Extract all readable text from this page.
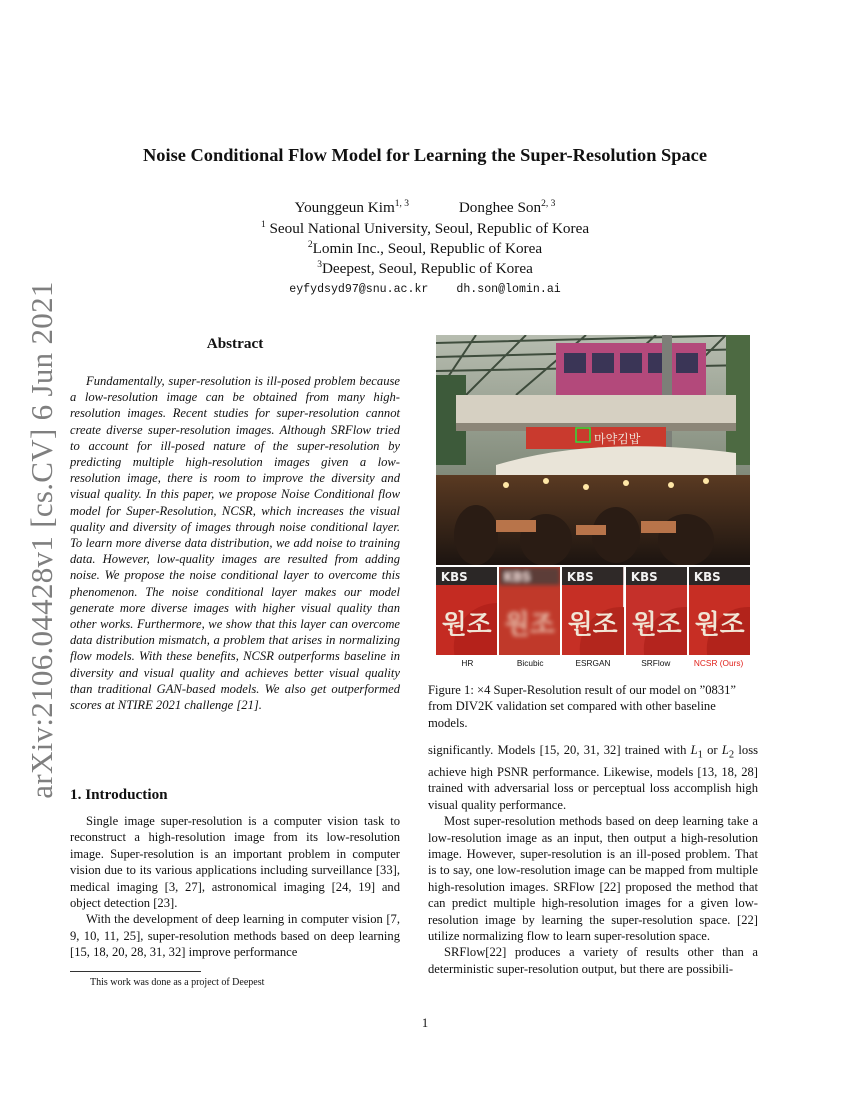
arXiv:2106.04428v1 [cs.CV] 6 Jun 2021
Noise Conditional Flow Model for Learning the Super-Resolution Space
Younggeun Kim$^{1, 3}$	Donghee Son$^{2, 3}$
$^1$ Seoul National University, Seoul, Republic of Korea
$^2$Lomin Inc., Seoul, Republic of Korea
$^3$Deepest, Seoul, Republic of Korea
eyfydsyd97@snu.ac.kr dh.son@lomin.ai
Abstract
Fundamentally, super-resolution is ill-posed problem because a low-resolution image can be obtained from many high-resolution images. Recent studies for super-resolution cannot create diverse super-resolution images. Although SRFlow tried to account for ill-posed nature of the super-resolution by predicting multiple high-resolution images given a low-resolution image, there is room to improve the diversity and visual quality. In this paper, we propose Noise Conditional flow model for Super-Resolution, NCSR, which increases the visual quality and diversity of images through noise conditional layer. To learn more diverse data distribution, we add noise to training data. However, low-quality images are resulted from adding noise. We propose the noise conditional layer to overcome this phenomenon. The noise conditional layer makes our model generate more diverse images with higher visual quality than other works. Furthermore, we show that this layer can overcome data distribution mismatch, a problem that arises in normalizing flow models. With these benefits, NCSR outperforms baseline in diversity and visual quality and achieves better visual quality than traditional GAN-based models. We also get outperformed scores at NTIRE 2021 challenge [21].
1. Introduction

Single image super-resolution is a computer vision task to reconstruct a high-resolution image from its low-resolution image. Super-resolution is an important problem in computer vision due to its various applications including surveillance [33], medical imaging [3, 27], astronomical imaging [24, 19] and object detection [23].

With the development of deep learning in computer vision [7, 9, 10, 11, 25], super-resolution methods based on deep learning [15, 18, 20, 28, 31, 32] improve performance

This work was done as a project of Deepest
마약김밥
KBS
원조
KBS
원조
KBS
원조
KBS
원조
KBS
원조
HR	Bicubic	ESRGAN	SRFlow	NCSR (Ours)
Figure 1: ×4 Super-Resolution result of our model on ”0831” from DIV2K validation set compared with other baseline models.

significantly. Models [15, 20, 31, 32] trained with $L_1$ or $L_2$ loss achieve high PSNR performance. Likewise, models [13, 18, 28] trained with adversarial loss or perceptual loss accomplish high visual quality performance.

Most super-resolution methods based on deep learning take a low-resolution image as an input, then output a high-resolution image. However, super-resolution is an ill-posed problem. That is to say, one low-resolution image can be mapped from multiple high-resolution images. SRFlow [22] proposed the method that can predict multiple high-resolution images for a given low-resolution image by learning the super-resolution space. [22] utilize normalizing flow to learn super-resolution space.

SRFlow[22] produces a variety of results other than a deterministic super-resolution output, but there are possibili-

1
